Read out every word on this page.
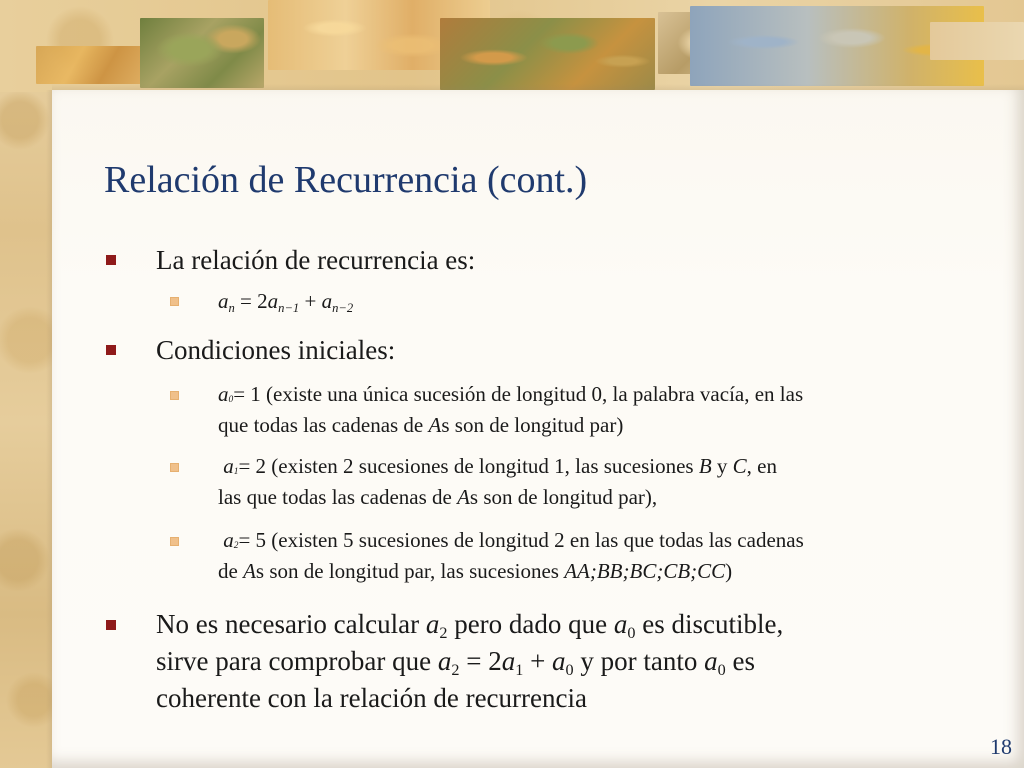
Relación de Recurrencia (cont.)
La relación de recurrencia es:
$a_n = 2a_{n-1} + a_{n-2}$
Condiciones iniciales:
a0= 1 (existe una única sucesión de longitud 0, la palabra vacía, en las
que todas las cadenas de As son de longitud par)
a1= 2 (existen 2 sucesiones de longitud 1, las sucesiones B y C, en
las que todas las cadenas de As son de longitud par),
a2= 5 (existen 5 sucesiones de longitud 2 en las que todas las cadenas
de As son de longitud par, las sucesiones AA;BB;BC;CB;CC)
No es necesario calcular $a_2$ pero dado que $a_0$ es discutible,
sirve para comprobar que $a_2 = 2a_1 + a_0$ y por tanto $a_0$ es
coherente con la relación de recurrencia
18
